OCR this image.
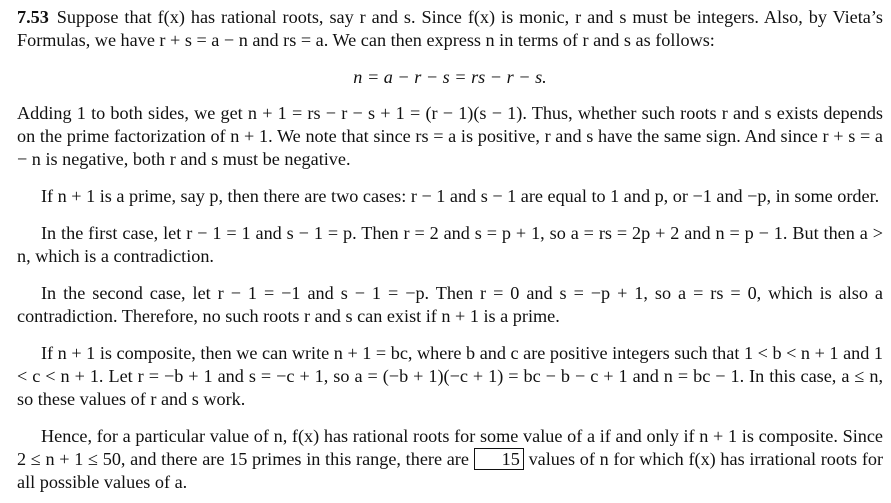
7.53 Suppose that f(x) has rational roots, say r and s. Since f(x) is monic, r and s must be integers. Also, by Vieta’s Formulas, we have r + s = a − n and rs = a. We can then express n in terms of r and s as follows:

n = a − r − s = rs − r − s.

Adding 1 to both sides, we get n + 1 = rs − r − s + 1 = (r − 1)(s − 1). Thus, whether such roots r and s exists depends on the prime factorization of n + 1. We note that since rs = a is positive, r and s have the same sign. And since r + s = a − n is negative, both r and s must be negative.

If n + 1 is a prime, say p, then there are two cases: r − 1 and s − 1 are equal to 1 and p, or −1 and −p, in some order.

In the first case, let r − 1 = 1 and s − 1 = p. Then r = 2 and s = p + 1, so a = rs = 2p + 2 and n = p − 1. But then a > n, which is a contradiction.

In the second case, let r − 1 = −1 and s − 1 = −p. Then r = 0 and s = −p + 1, so a = rs = 0, which is also a contradiction. Therefore, no such roots r and s can exist if n + 1 is a prime.

If n + 1 is composite, then we can write n + 1 = bc, where b and c are positive integers such that 1 < b < n + 1 and 1 < c < n + 1. Let r = −b + 1 and s = −c + 1, so a = (−b + 1)(−c + 1) = bc − b − c + 1 and n = bc − 1. In this case, a ≤ n, so these values of r and s work.

Hence, for a particular value of n, f(x) has rational roots for some value of a if and only if n + 1 is composite. Since 2 ≤ n + 1 ≤ 50, and there are 15 primes in this range, there are 15 values of n for which f(x) has irrational roots for all possible values of a.
